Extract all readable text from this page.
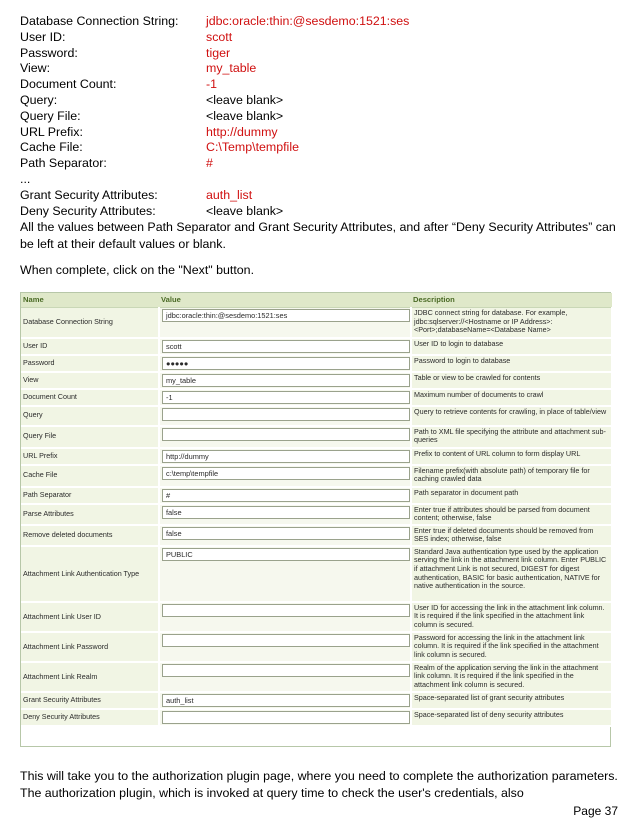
Database Connection String:	jdbc:oracle:thin:@sesdemo:1521:ses
User ID:	scott
Password:	tiger
View:	my_table
Document Count:	-1
Query:	<leave blank>
Query File:	<leave blank>
URL Prefix:	http://dummy
Cache File:	C:\Temp\tempfile
Path Separator:	#
...
Grant Security Attributes:	auth_list
Deny Security Attributes:	<leave blank>
All the values between Path Separator and Grant Security Attributes, and after “Deny Security Attributes” can be left at their default values or blank.
When complete, click on the "Next" button.
Name	Value	Description
Database Connection String	jdbc:oracle:thin:@sesdemo:1521:ses	JDBC connect string for database. For example, jdbc:sqlserver://<Hostname or IP Address>:<Port>;databaseName=<Database Name>
User ID	scott	User ID to login to database
Password	●●●●●	Password to login to database
View	my_table	Table or view to be crawled for contents
Document Count	-1	Maximum number of documents to crawl
Query		Query to retrieve contents for crawling, in place of table/view
Query File		Path to XML file specifying the attribute and attachment sub-queries
URL Prefix	http://dummy	Prefix to content of URL column to form display URL
Cache File	c:\temp\tempfile	Filename prefix(with absolute path) of temporary file for caching crawled data
Path Separator	#	Path separator in document path
Parse Attributes	false	Enter true if attributes should be parsed from document content; otherwise, false
Remove deleted documents	false	Enter true if deleted documents should be removed from SES index; otherwise, false
Attachment Link Authentication Type	PUBLIC	Standard Java authentication type used by the application serving the link in the attachment link column. Enter PUBLIC if attachment Link is not secured, DIGEST for digest authentication, BASIC for basic authentication, NATIVE for native authentication in the source.
Attachment Link User ID		User ID for accessing the link in the attachment link column. It is required if the link specified in the attachment link column is secured.
Attachment Link Password		Password for accessing the link in the attachment link column. It is required if the link specified in the attachment link column is secured.
Attachment Link Realm		Realm of the application serving the link in the attachment link column. It is required if the link specified in the attachment link column is secured.
Grant Security Attributes	auth_list	Space-separated list of grant security attributes
Deny Security Attributes		Space-separated list of deny security attributes
This will take you to the authorization plugin page, where you need to complete the authorization parameters. The authorization plugin, which is invoked at query time to check the user's credentials, also
Page 37
